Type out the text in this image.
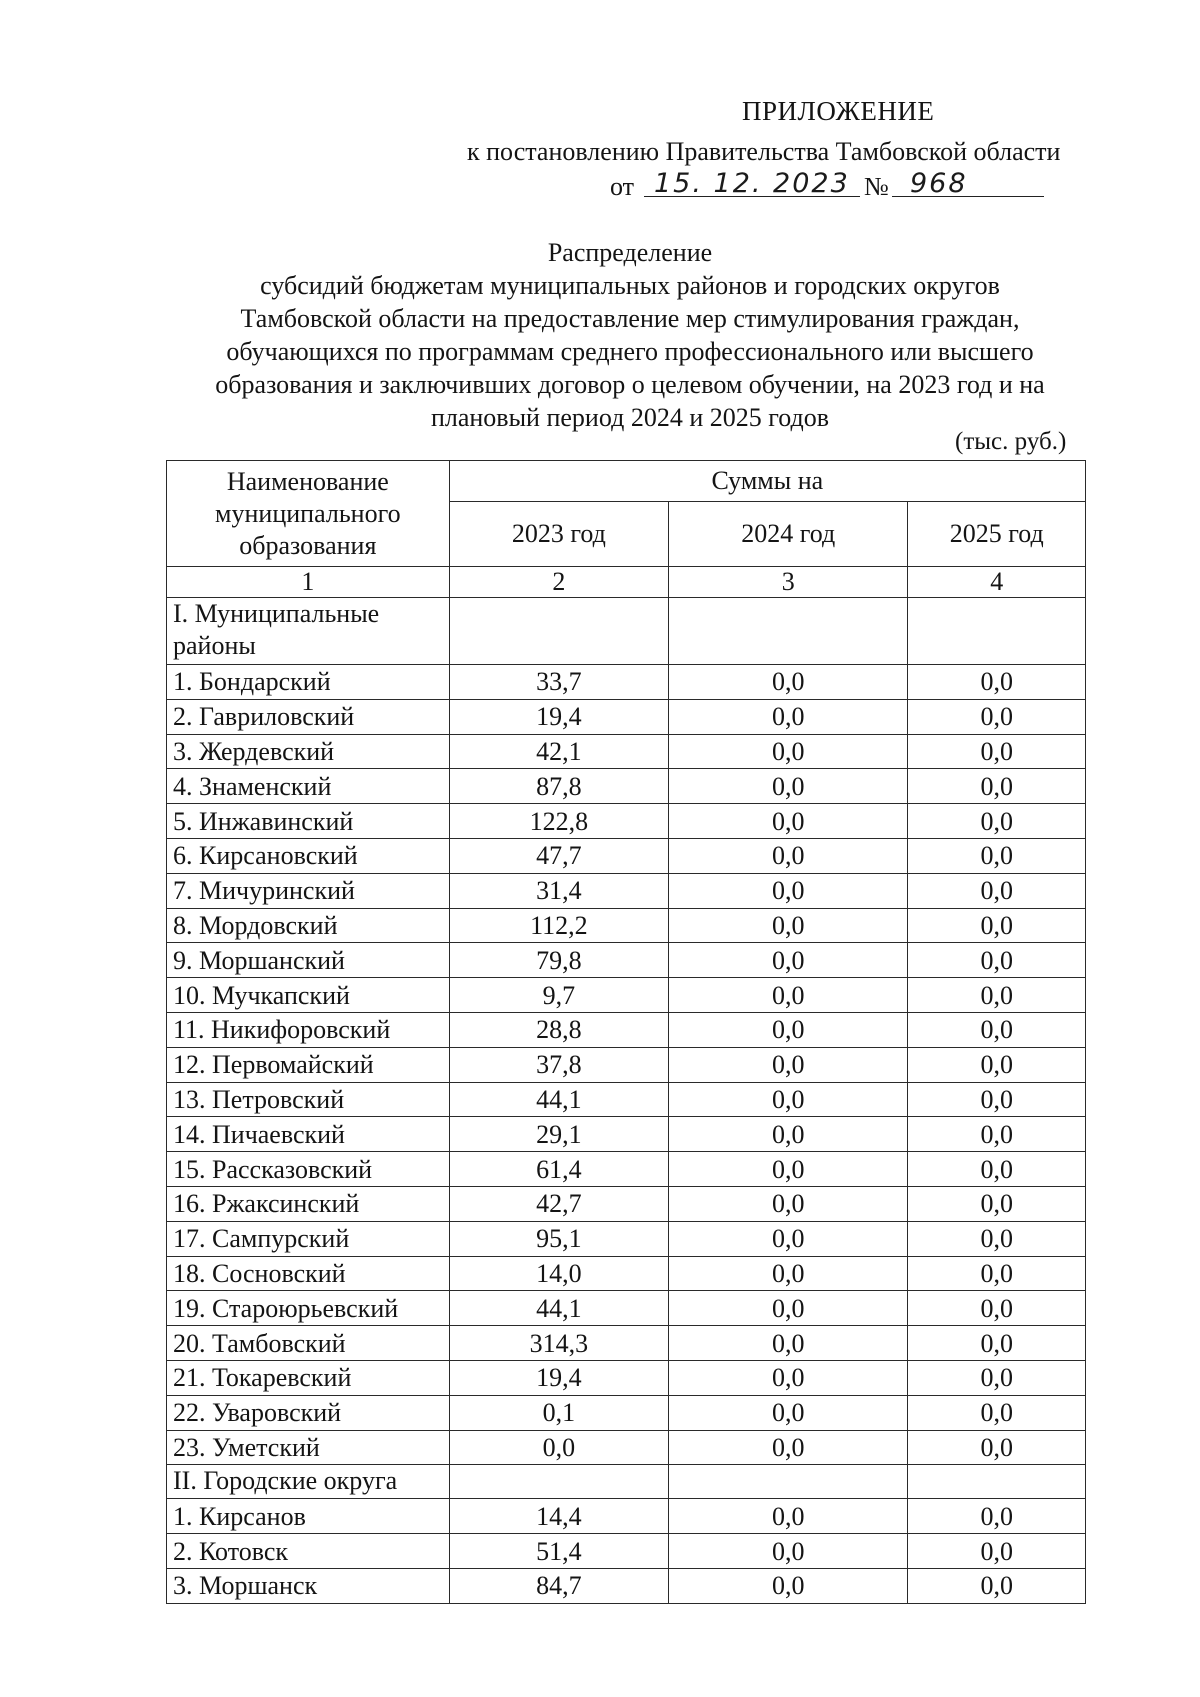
ПРИЛОЖЕНИЕ
к постановлению Правительства Тамбовской области
от 15. 12. 2023 № 968
Распределение
субсидий бюджетам муниципальных районов и городских округов
Тамбовской области на предоставление мер стимулирования граждан,
обучающихся по программам среднего профессионального или высшего
образования и заключивших договор о целевом обучении, на 2023 год и на
плановый период 2024 и 2025 годов
(тыс. руб.)
Наименование муниципального образования	Суммы на		
	2023 год	2024 год	2025 год
1	2	3	4
I. Муниципальные районы			
1. Бондарский	33,7	0,0	0,0
2. Гавриловский	19,4	0,0	0,0
3. Жердевский	42,1	0,0	0,0
4. Знаменский	87,8	0,0	0,0
5. Инжавинский	122,8	0,0	0,0
6. Кирсановский	47,7	0,0	0,0
7. Мичуринский	31,4	0,0	0,0
8. Мордовский	112,2	0,0	0,0
9. Моршанский	79,8	0,0	0,0
10. Мучкапский	9,7	0,0	0,0
11. Никифоровский	28,8	0,0	0,0
12. Первомайский	37,8	0,0	0,0
13. Петровский	44,1	0,0	0,0
14. Пичаевский	29,1	0,0	0,0
15. Рассказовский	61,4	0,0	0,0
16. Ржаксинский	42,7	0,0	0,0
17. Сампурский	95,1	0,0	0,0
18. Сосновский	14,0	0,0	0,0
19. Староюрьевский	44,1	0,0	0,0
20. Тамбовский	314,3	0,0	0,0
21. Токаревский	19,4	0,0	0,0
22. Уваровский	0,1	0,0	0,0
23. Уметский	0,0	0,0	0,0
II. Городские округа			
1. Кирсанов	14,4	0,0	0,0
2. Котовск	51,4	0,0	0,0
3. Моршанск	84,7	0,0	0,0
